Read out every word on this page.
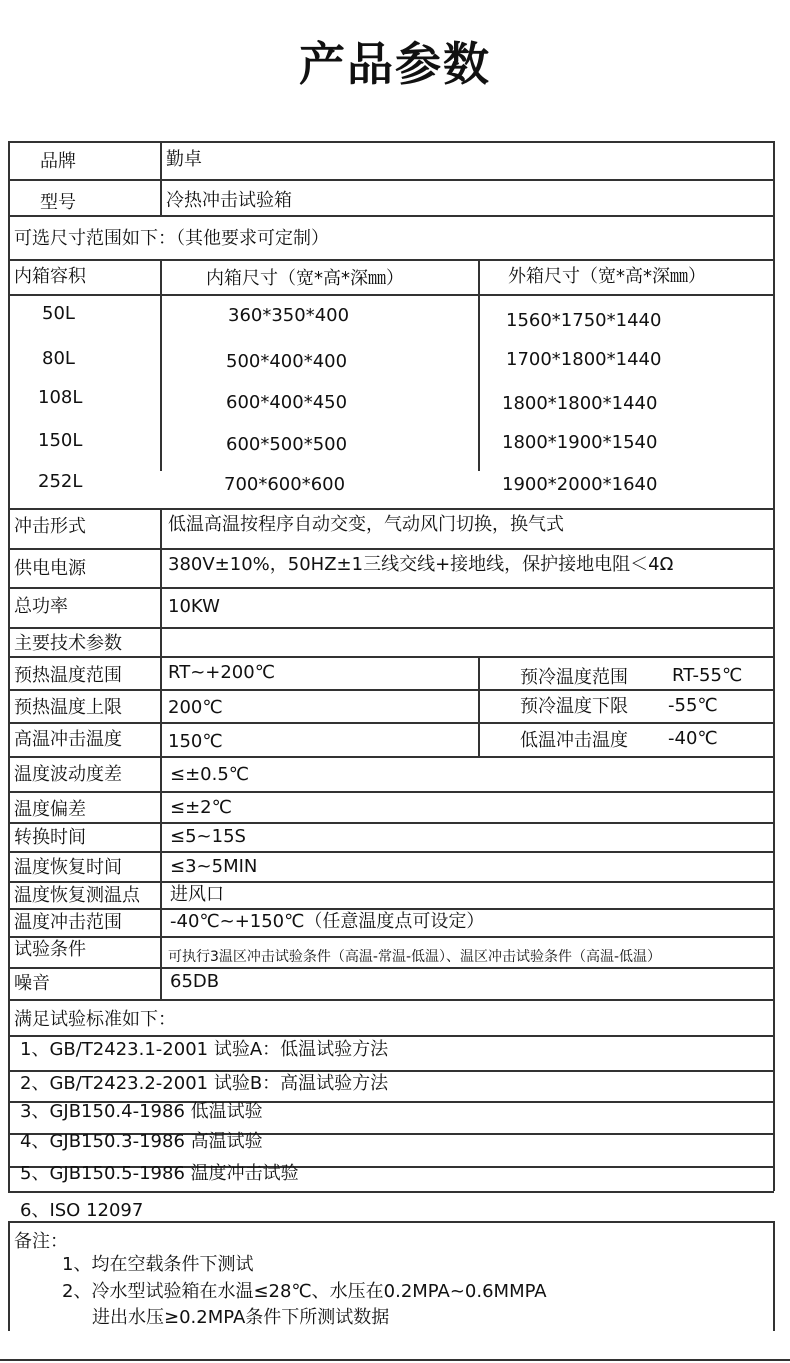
产品参数
品牌	勤卓
型号	冷热冲击试验箱
可选尺寸范围如下：（其他要求可定制）
内箱容积	内箱尺寸（宽*高*深㎜）	外箱尺寸（宽*高*深㎜）
50L	360*350*400	1560*1750*1440
80L	500*400*400	1700*1800*1440
108L	600*400*450	1800*1800*1440
150L	600*500*500	1800*1900*1540
252L	700*600*600	1900*2000*1640
冲击形式	低温高温按程序自动交变，气动风门切换，换气式
供电电源	380V±10%，50HZ±1三线交线+接地线，保护接地电阻＜4Ω
总功率	10KW
主要技术参数
预热温度范围	RT~+200℃	预冷温度范围 RT-55℃
预热温度上限	200℃	预冷温度下限 -55℃
高温冲击温度	150℃	低温冲击温度 -40℃
温度波动度差	≤±0.5℃
温度偏差	≤±2℃
转换时间	≤5~15S
温度恢复时间	≤3~5MIN
温度恢复测温点 进风口
温度冲击范围	-40℃~+150℃（任意温度点可设定）
试验条件	可执行3温区冲击试验条件（高温-常温-低温）、温区冲击试验条件（高温-低温）
噪音	65DB
满足试验标准如下：
1、GB/T2423.1-2001 试验A：低温试验方法
2、GB/T2423.2-2001 试验B：高温试验方法
3、GJB150.4-1986 低温试验
4、GJB150.3-1986 高温试验
5、GJB150.5-1986 温度冲击试验
6、ISO 12097
备注：
1、均在空载条件下测试
2、冷水型试验箱在水温≤28℃、水压在0.2MPA~0.6MMPA
进出水压≥0.2MPA条件下所测试数据
